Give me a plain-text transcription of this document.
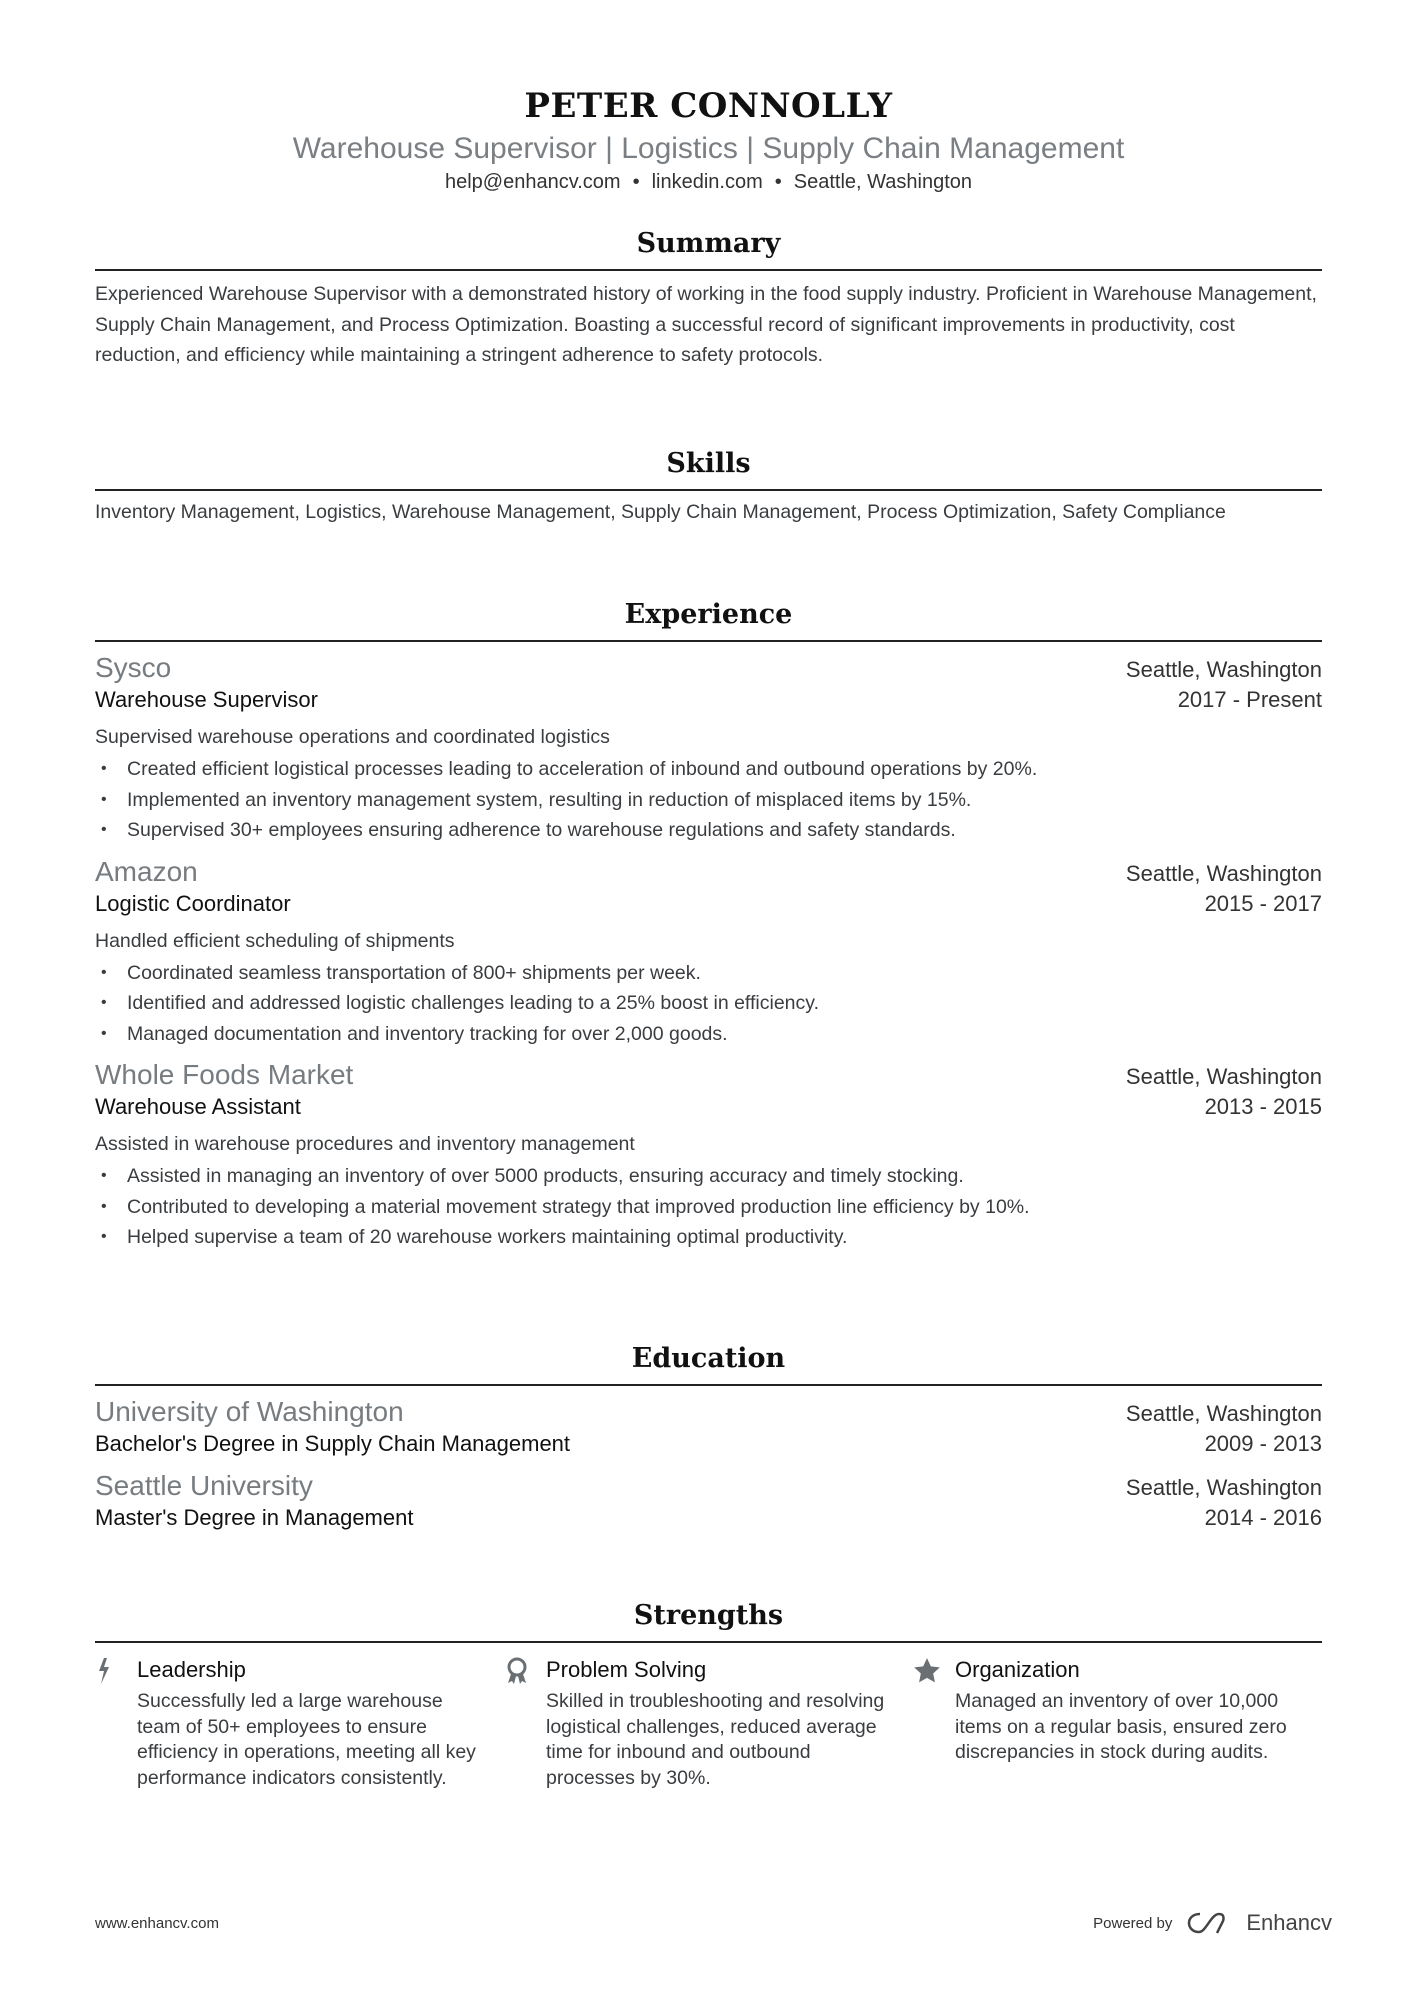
PETER CONNOLLY
Warehouse Supervisor | Logistics | Supply Chain Management
help@enhancv.com • linkedin.com • Seattle, Washington
Summary
Experienced Warehouse Supervisor with a demonstrated history of working in the food supply industry. Proficient in Warehouse Management, Supply Chain Management, and Process Optimization. Boasting a successful record of significant improvements in productivity, cost reduction, and efficiency while maintaining a stringent adherence to safety protocols.
Skills
Inventory Management, Logistics, Warehouse Management, Supply Chain Management, Process Optimization, Safety Compliance
Experience
Sysco	Seattle, Washington
Warehouse Supervisor	2017 - Present
Supervised warehouse operations and coordinated logistics
• Created efficient logistical processes leading to acceleration of inbound and outbound operations by 20%.
• Implemented an inventory management system, resulting in reduction of misplaced items by 15%.
• Supervised 30+ employees ensuring adherence to warehouse regulations and safety standards.
Amazon	Seattle, Washington
Logistic Coordinator	2015 - 2017
Handled efficient scheduling of shipments
• Coordinated seamless transportation of 800+ shipments per week.
• Identified and addressed logistic challenges leading to a 25% boost in efficiency.
• Managed documentation and inventory tracking for over 2,000 goods.
Whole Foods Market	Seattle, Washington
Warehouse Assistant	2013 - 2015
Assisted in warehouse procedures and inventory management
• Assisted in managing an inventory of over 5000 products, ensuring accuracy and timely stocking.
• Contributed to developing a material movement strategy that improved production line efficiency by 10%.
• Helped supervise a team of 20 warehouse workers maintaining optimal productivity.
Education
University of Washington	Seattle, Washington
Bachelor's Degree in Supply Chain Management	2009 - 2013
Seattle University	Seattle, Washington
Master's Degree in Management	2014 - 2016
Strengths
Leadership
Successfully led a large warehouse team of 50+ employees to ensure efficiency in operations, meeting all key performance indicators consistently.
Problem Solving
Skilled in troubleshooting and resolving logistical challenges, reduced average time for inbound and outbound processes by 30%.
Organization
Managed an inventory of over 10,000 items on a regular basis, ensured zero discrepancies in stock during audits.
www.enhancv.com	Powered by	Enhancv
